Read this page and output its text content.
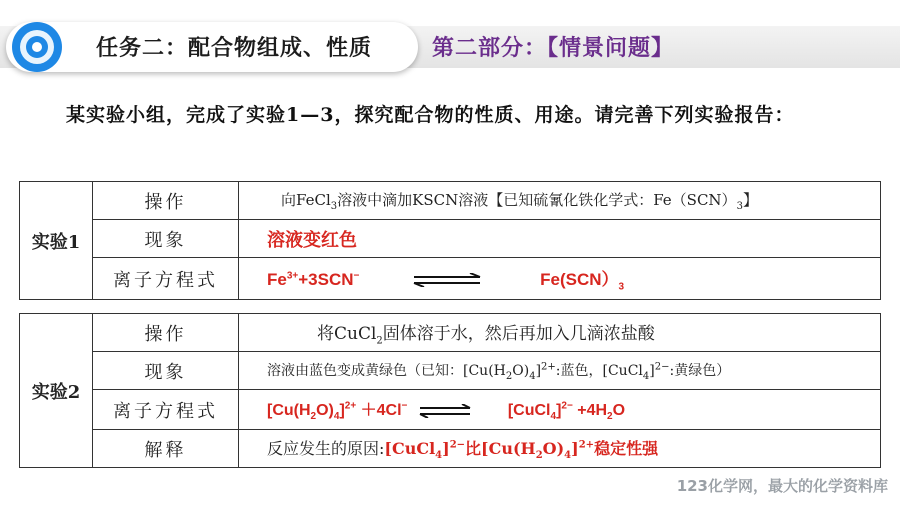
任务二：配合物组成、性质	第二部分：【情景问题】
某实验小组，完成了实验1—3，探究配合物的性质、用途。请完善下列实验报告：
实验1	操作	向FeCl$_3$溶液中滴加KSCN溶液【已知硫氰化铁化学式：$Fe(SCN)_3$】
	现象	溶液变红色
	离子方程式	$Fe^{3+}+3SCN^-$ $Fe(SCN)_3$
实验2	操作	将CuCl$_2$固体溶于水，然后再加入几滴浓盐酸
	现象	溶液由蓝色变成黄绿色（已知：$[Cu(H_2O)_4]^{2+}$:蓝色，[CuCl$_4$]$^{2-}$:黄绿色）
	离子方程式	$[Cu(H_2O)_4]^{2+} +4Cl^-$ ⇌ [CuCl$_4$]$^{2-}$ $+4H_2O$
	解释	反应发生的原因:[CuCl$_4$]$^{2-}$比$[Cu(H_2O)_4]^{2+}$稳定性强
123化学网，最大的化学资料库
